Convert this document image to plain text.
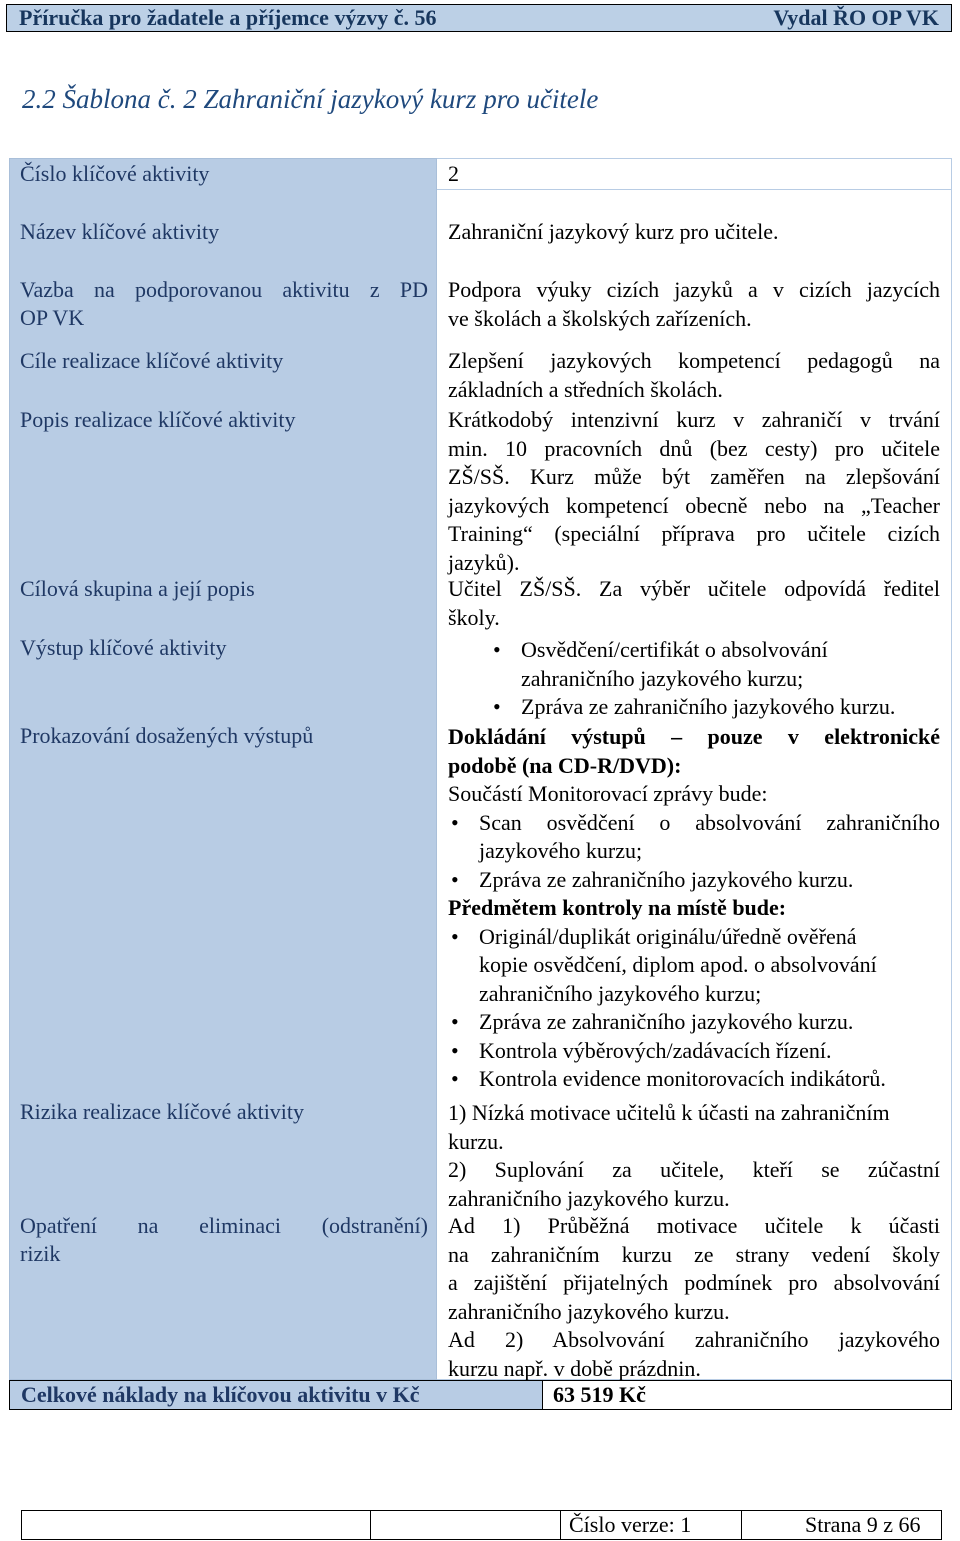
Příručka pro žadatele a příjemce výzvy č. 56	Vydal ŘO OP VK
2.2 Šablona č. 2 Zahraniční jazykový kurz pro učitele
Číslo klíčové aktivity	2
Název klíčové aktivity	Zahraniční jazykový kurz pro učitele.
Vazba na podporovanou aktivitu z PD
OP VK
Podpora výuky cizích jazyků a v cizích jazycích
ve školách a školských zařízeních.
Cíle realizace klíčové aktivity	Zlepšení jazykových kompetencí pedagogů na
základních a středních školách.
Popis realizace klíčové aktivity	Krátkodobý intenzivní kurz v zahraničí v trvání
min. 10 pracovních dnů (bez cesty) pro učitele
ZŠ/SŠ. Kurz může být zaměřen na zlepšování
jazykových kompetencí obecně nebo na „Teacher
Training“ (speciální příprava pro učitele cizích
jazyků).
Cílová skupina a její popis	Učitel ZŠ/SŠ. Za výběr učitele odpovídá ředitel
školy.
Výstup klíčové aktivity
•	Osvědčení/certifikát o absolvování
zahraničního jazykového kurzu;
• Zpráva ze zahraničního jazykového kurzu.
Prokazování dosažených výstupů	Dokládání výstupů – pouze v elektronické
podobě (na CD-R/DVD):
Součástí Monitorovací zprávy bude:
• Scan osvědčení o absolvování zahraničního
jazykového kurzu;
• Zpráva ze zahraničního jazykového kurzu.
Předmětem kontroly na místě bude:
• Originál/duplikát originálu/úředně ověřená
kopie osvědčení, diplom apod. o absolvování
zahraničního jazykového kurzu;
• Zpráva ze zahraničního jazykového kurzu.
• Kontrola výběrových/zadávacích řízení.
• Kontrola evidence monitorovacích indikátorů.
Rizika realizace klíčové aktivity	1) Nízká motivace učitelů k účasti na zahraničním
kurzu.
2) Suplování za učitele, kteří se zúčastní
zahraničního jazykového kurzu.
Opatření na eliminaci (odstranění)
rizik
Ad 1) Průběžná motivace učitele k účasti
na zahraničním kurzu ze strany vedení školy
a zajištění přijatelných podmínek pro absolvování
zahraničního jazykového kurzu.
Ad 2) Absolvování zahraničního jazykového
kurzu např. v době prázdnin.
Celkové náklady na klíčovou aktivitu v Kč	63 519 Kč
Číslo verze: 1	Strana 9 z 66
